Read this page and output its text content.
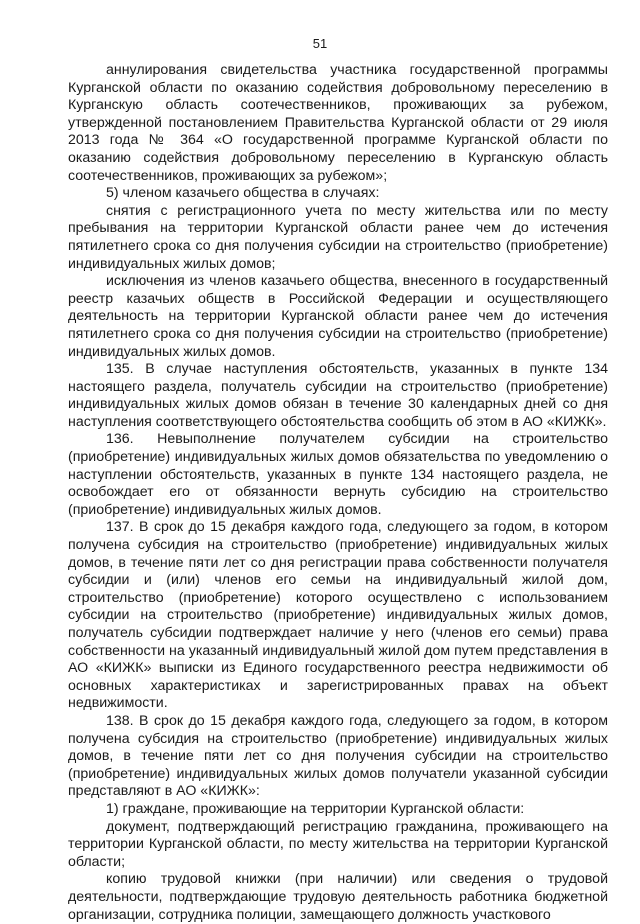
51

аннулирования свидетельства участника государственной программы Курганской области по оказанию содействия добровольному переселению в Курганскую область соотечественников, проживающих за рубежом, утвержденной постановлением Правительства Курганской области от 29 июля 2013 года № 364 «О государственной программе Курганской области по оказанию содействия добровольному переселению в Курганскую область соотечественников, проживающих за рубежом»;

5) членом казачьего общества в случаях:

снятия с регистрационного учета по месту жительства или по месту пребывания на территории Курганской области ранее чем до истечения пятилетнего срока со дня получения субсидии на строительство (приобретение) индивидуальных жилых домов;

исключения из членов казачьего общества, внесенного в государственный реестр казачьих обществ в Российской Федерации и осуществляющего деятельность на территории Курганской области ранее чем до истечения пятилетнего срока со дня получения субсидии на строительство (приобретение) индивидуальных жилых домов.

135. В случае наступления обстоятельств, указанных в пункте 134 настоящего раздела, получатель субсидии на строительство (приобретение) индивидуальных жилых домов обязан в течение 30 календарных дней со дня наступления соответствующего обстоятельства сообщить об этом в АО «КИЖК».

136. Невыполнение получателем субсидии на строительство (приобретение) индивидуальных жилых домов обязательства по уведомлению о наступлении обстоятельств, указанных в пункте 134 настоящего раздела, не освобождает его от обязанности вернуть субсидию на строительство (приобретение) индивидуальных жилых домов.

137. В срок до 15 декабря каждого года, следующего за годом, в котором получена субсидия на строительство (приобретение) индивидуальных жилых домов, в течение пяти лет со дня регистрации права собственности получателя субсидии и (или) членов его семьи на индивидуальный жилой дом, строительство (приобретение) которого осуществлено с использованием субсидии на строительство (приобретение) индивидуальных жилых домов, получатель субсидии подтверждает наличие у него (членов его семьи) права собственности на указанный индивидуальный жилой дом путем представления в АО «КИЖК» выписки из Единого государственного реестра недвижимости об основных характеристиках и зарегистрированных правах на объект недвижимости.

138. В срок до 15 декабря каждого года, следующего за годом, в котором получена субсидия на строительство (приобретение) индивидуальных жилых домов, в течение пяти лет со дня получения субсидии на строительство (приобретение) индивидуальных жилых домов получатели указанной субсидии представляют в АО «КИЖК»:

1) граждане, проживающие на территории Курганской области:

документ, подтверждающий регистрацию гражданина, проживающего на территории Курганской области, по месту жительства на территории Курганской области;

копию трудовой книжки (при наличии) или сведения о трудовой деятельности, подтверждающие трудовую деятельность работника бюджетной организации, сотрудника полиции, замещающего должность участкового
